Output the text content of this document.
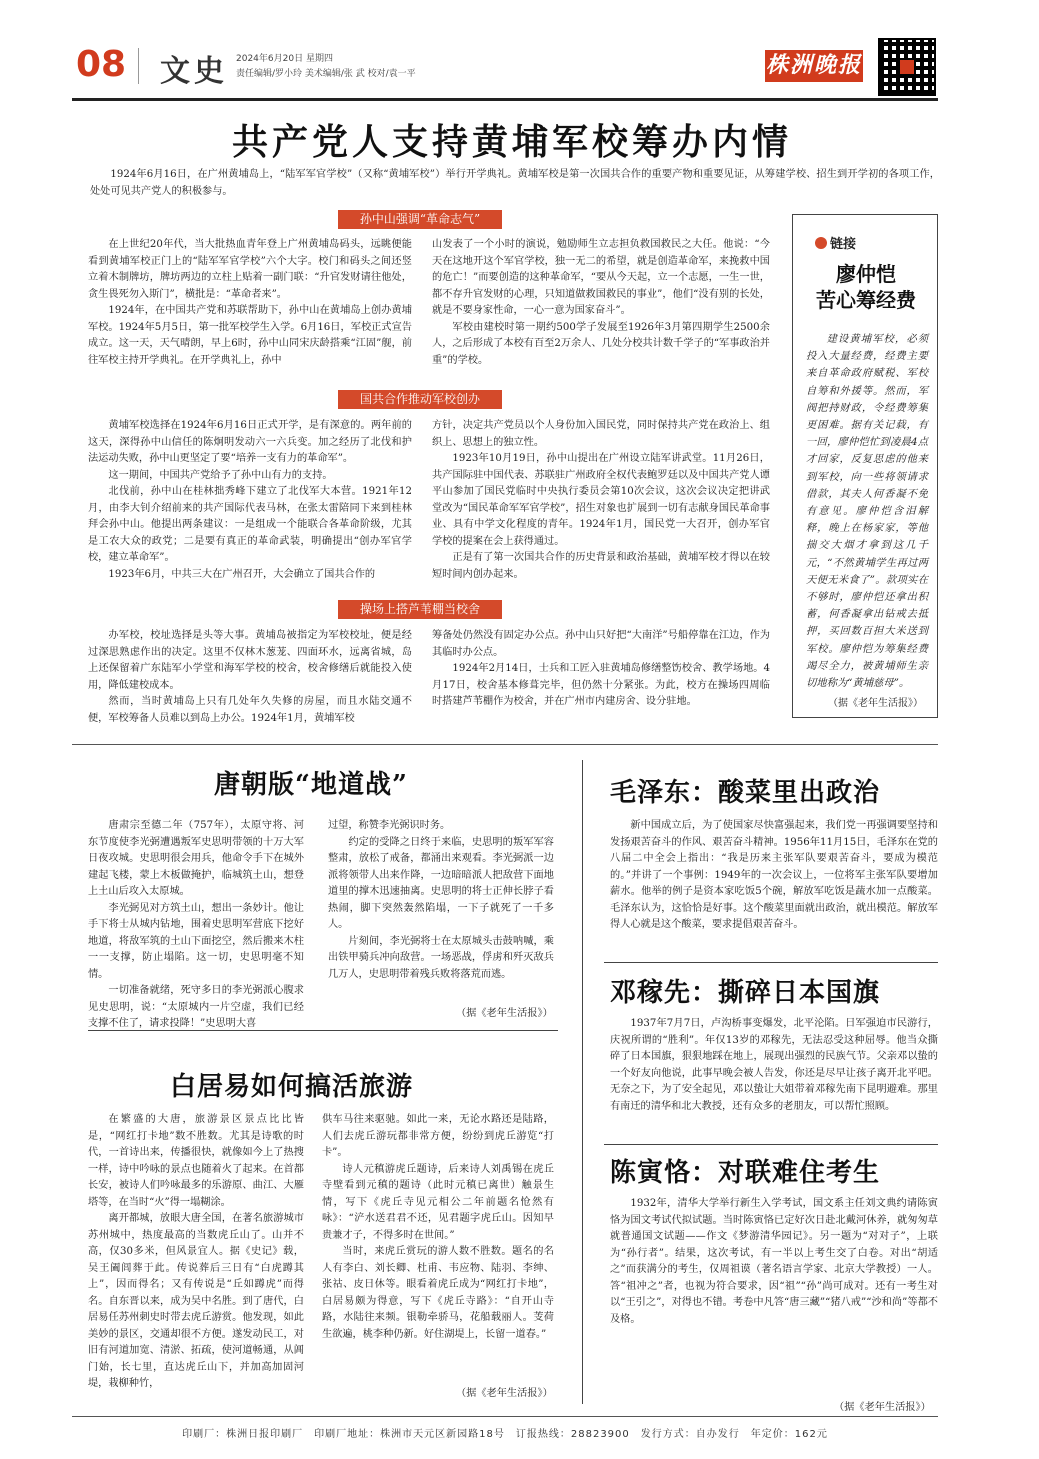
08 文史 2024年6月20日 星期四
责任编辑/罗小玲 美术编辑/张 武 校对/袁一平	株洲晚报
共产党人支持黄埔军校筹办内情
1924年6月16日，在广州黄埔岛上，“陆军军官学校”（又称“黄埔军校”）举行开学典礼。黄埔军校是第一次国共合作的重要产物和重要见证，从筹建学校、招生到开学初的各项工作，处处可见共产党人的积极参与。
孙中山强调“革命志气”

在上世纪20年代，当大批热血青年登上广州黄埔岛码头，远眺便能看到黄埔军校正门上的“陆军军官学校”六个大字。校门和码头之间还竖立着木制牌坊，牌坊两边的立柱上贴着一副门联：“升官发财请往他处，贪生畏死勿入斯门”，横批是：“革命者来”。

1924年，在中国共产党和苏联帮助下，孙中山在黄埔岛上创办黄埔军校。1924年5月5日，第一批军校学生入学。6月16日，军校正式宣告成立。这一天，天气晴朗，早上6时，孙中山同宋庆龄搭乘“江固”舰，前往军校主持开学典礼。在开学典礼上，孙中

山发表了一个小时的演说，勉励师生立志担负救国救民之大任。他说：“今天在这地开这个军官学校，独一无二的希望，就是创造革命军，来挽救中国的危亡！”而要创造的这种革命军，“要从今天起，立一个志愿，一生一世，都不存升官发财的心理，只知道做救国救民的事业”，他们“没有别的长处，就是不要身家性命，一心一意为国家奋斗”。

军校由建校时第一期约500学子发展至1926年3月第四期学生2500余人，之后形成了本校有百至2万余人、几处分校共计数千学子的“军事政治并重”的学校。

国共合作推动军校创办

黄埔军校选择在1924年6月16日正式开学，是有深意的。两年前的这天，深得孙中山信任的陈炯明发动六一六兵变。加之经历了北伐和护法运动失败，孙中山更坚定了要“培养一支有力的革命军”。

这一期间，中国共产党给予了孙中山有力的支持。

北伐前，孙中山在桂林拙秀峰下建立了北伐军大本营。1921年12月，由李大钊介绍前来的共产国际代表马林，在张太雷陪同下来到桂林拜会孙中山。他提出两条建议：一是组成一个能联合各革命阶级，尤其是工农大众的政党；二是要有真正的革命武装，明确提出“创办军官学校，建立革命军”。

1923年6月，中共三大在广州召开，大会确立了国共合作的

方针，决定共产党员以个人身份加入国民党，同时保持共产党在政治上、组织上、思想上的独立性。

1923年10月19日，孙中山提出在广州设立陆军讲武堂。11月26日，共产国际驻中国代表、苏联驻广州政府全权代表鲍罗廷以及中国共产党人谭平山参加了国民党临时中央执行委员会第10次会议，这次会议决定把讲武堂改为“国民革命军军官学校”，招生对象也扩展到一切有志献身国民革命事业、具有中学文化程度的青年。1924年1月，国民党一大召开，创办军官学校的提案在会上获得通过。

正是有了第一次国共合作的历史背景和政治基础，黄埔军校才得以在较短时间内创办起来。

操场上搭芦苇棚当校舍

办军校，校址选择是头等大事。黄埔岛被指定为军校校址，便是经过深思熟虑作出的决定。这里不仅林木葱茏、四面环水，远离省城，岛上还保留着广东陆军小学堂和海军学校的校舍，校舍修缮后就能投入使用，降低建校成本。

然而，当时黄埔岛上只有几处年久失修的房屋，而且水陆交通不便，军校筹备人员难以到岛上办公。1924年1月，黄埔军校

筹备处仍然没有固定办公点。孙中山只好把“大南洋”号船停靠在江边，作为其临时办公点。

1924年2月14日，士兵和工匠入驻黄埔岛修缮整饬校舍、教学场地。4月17日，校舍基本修葺完毕，但仍然十分紧张。为此，校方在操场四周临时搭建芦苇棚作为校舍，并在广州市内建房舍、设分驻地。

链接
廖仲恺
苦心筹经费

建设黄埔军校，必须投入大量经费，经费主要来自革命政府赋税、军校自筹和外援等。然而，军阀把持财政，令经费筹集更困难。据有关记载，有一回，廖仲恺忙到凌晨4点才回家，反复思虑的他来到军校，向一些将领请求借款，其夫人何香凝不免有意见。廖仲恺含泪解释，晚上在杨家家，等他揣交大烟才拿到这几千元，“不然黄埔学生再过两天便无米食了”。款项实在不够时，廖仲恺还拿出积蓄，何香凝拿出钻戒去抵押，买回数百担大米送到军校。廖仲恺为筹集经费竭尽全力，被黄埔师生亲切地称为“黄埔慈母”。

（据《老年生活报》）
唐朝版“地道战”

唐肃宗至德二年（757年），太原守将、河东节度使李光弼遭遇叛军史思明带领的十万大军日夜攻城。史思明很会用兵，他命令手下在城外建起飞楼，蒙上木板做掩护，临城筑土山，想登上土山后攻入太原城。

李光弼见对方筑土山，想出一条妙计。他让手下将士从城内钻地，围着史思明军营底下挖好地道，将敌军筑的土山下面挖空，然后搬来木柱一一支撑，防止塌陷。这一切，史思明毫不知情。

一切准备就绪，死守多日的李光弼派心腹求见史思明，说：“太原城内一片空虚，我们已经支撑不住了，请求投降！”史思明大喜

过望，称赞李光弼识时务。

约定的受降之日终于来临，史思明的叛军军容整肃，放松了戒备，都涌出来观看。李光弼派一边派将领带人出来作降，一边暗暗派人把敌营下面地道里的撑木迅速抽离。史思明的将士正伸长脖子看热闹，脚下突然轰然陷塌，一下子就死了一千多人。

片刻间，李光弼将士在太原城头击鼓呐喊，乘出铁甲骑兵冲向敌营。一场恶战，俘虏和歼灭敌兵几万人，史思明带着残兵败将落荒而逃。

（据《老年生活报》）
白居易如何搞活旅游

在繁盛的大唐，旅游景区景点比比皆是，“网红打卡地”数不胜数。尤其是诗歌的时代，一首诗出来，传播很快，就像如今上了热搜一样，诗中吟咏的景点也随着火了起来。在首都长安，被诗人们吟咏最多的乐游原、曲江、大雁塔等，在当时“火”得一塌糊涂。

离开都城，放眼大唐全国，在著名旅游城市苏州城中，热度最高的当数虎丘山了。山并不高，仅30多米，但风景宜人。据《史记》载，吴王阖闾葬于此。传说葬后三日有“白虎蹲其上”，因而得名；又有传说是“丘如蹲虎”而得名。自东晋以来，成为吴中名胜。到了唐代，白居易任苏州刺史时带去虎丘游赏。他发现，如此美妙的景区，交通却很不方便。遂发动民工，对旧有河道加宽、清淤、拓疏，使河道畅通，从阊门始，长七里，直达虎丘山下，并加高加固河堤，栽柳种竹，

供车马往来驱驰。如此一来，无论水路还是陆路，人们去虎丘游玩都非常方便，纷纷到虎丘游览“打卡”。

诗人元稹游虎丘题诗，后来诗人刘禹锡在虎丘寺壁看到元稹的题诗（此时元稹已离世）触景生情，写下《虎丘寺见元相公二年前题名怆然有咏》：“浐水送君君不还，见君题字虎丘山。因知早贵兼才子，不得多时在世间。”

当时，来虎丘赏玩的游人数不胜数。题名的名人有李白、刘长卿、杜甫、韦应物、陆羽、李绅、张祜、皮日休等。眼看着虎丘成为“网红打卡地”，白居易颇为得意，写下《虎丘寺路》：“自开山寺路，水陆往来频。银勒牵骄马，花船载丽人。芰荷生欲遍，桃李种仍新。好住湖堤上，长留一道春。”

（据《老年生活报》）
毛泽东：酸菜里出政治

新中国成立后，为了使国家尽快富强起来，我们党一再强调要坚持和发扬艰苦奋斗的作风、艰苦奋斗精神。1956年11月15日，毛泽东在党的八届二中全会上指出：“我是历来主张军队要艰苦奋斗，要成为模范的。”并讲了一个事例：1949年的一次会议上，一位将军主张军队要增加薪水。他举的例子是资本家吃饭5个碗，解放军吃饭是蔬水加一点酸菜。毛泽东认为，这恰恰是好事。这个酸菜里面就出政治，就出模范。解放军得人心就是这个酸菜，要求提倡艰苦奋斗。

邓稼先：撕碎日本国旗

1937年7月7日，卢沟桥事变爆发，北平沦陷。日军强迫市民游行，庆祝所谓的“胜利”。年仅13岁的邓稼先，无法忍受这种屈辱。他当众撕碎了日本国旗，狠狠地踩在地上，展现出强烈的民族气节。父亲邓以蛰的一个好友向他说，此事早晚会被人告发，你还是尽早让孩子离开北平吧。无奈之下，为了安全起见，邓以蛰让大姐带着邓稼先南下昆明避难。那里有南迁的清华和北大教授，还有众多的老朋友，可以帮忙照顾。

陈寅恪：对联难住考生

1932年，清华大学举行新生入学考试，国文系主任刘文典约请陈寅恪为国文考试代拟试题。当时陈寅恪已定好次日赴北戴河休养，就匆匆草就普通国文试题——作文《梦游清华园记》。另一题为“对对子”，上联为“孙行者”。结果，这次考试，有一半以上考生交了白卷。对出“胡适之”而获满分的考生，仅周祖谟（著名语言学家、北京大学教授）一人。答“祖冲之”者，也视为符合要求，因“祖”“孙”尚可成对。还有一考生对以“王引之”，对得也不错。考卷中凡答“唐三藏”“猪八戒”“沙和尚”等都不及格。

（据《老年生活报》）
印刷厂：株洲日报印刷厂　印刷厂地址：株洲市天元区新园路18号　订报热线：28823900　发行方式：自办发行　年定价：162元
